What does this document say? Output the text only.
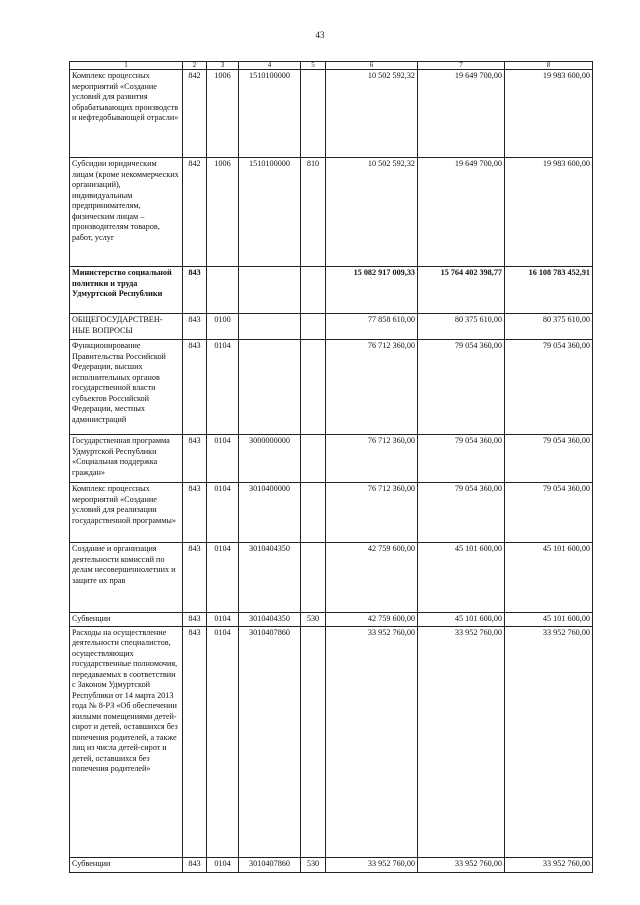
43
1	2	3	4	5	6	7	8
Комплекс процессных мероприятий «Создание условий для развития обрабатывающих производств и нефтедобывающей отрасли»	842	1006	1510100000		10 502 592,32	19 649 700,00	19 983 600,00
Субсидии юридическим лицам (кроме некоммерческих организаций), индивидуальным предпринимателям, физическим лицам – производителям товаров, работ, услуг	842	1006	1510100000	810	10 502 592,32	19 649 700,00	19 983 600,00
Министерство социальной политики и труда Удмуртской Республики	843				15 082 917 009,33	15 764 402 398,77	16 108 783 452,91
ОБЩЕГОСУДАРСТВЕН-НЫЕ ВОПРОСЫ	843	0100			77 858 610,00	80 375 610,00	80 375 610,00
Функционирование Правительства Российской Федерации, высших исполнительных органов государственной власти субъектов Российской Федерации, местных администраций	843	0104			76 712 360,00	79 054 360,00	79 054 360,00
Государственная программа Удмуртской Республики «Социальная поддержка граждан»	843	0104	3000000000		76 712 360,00	79 054 360,00	79 054 360,00
Комплекс процессных мероприятий «Создание условий для реализации государственной программы»	843	0104	3010400000		76 712 360,00	79 054 360,00	79 054 360,00
Создание и организация деятельности комиссий по делам несовершеннолетних и защите их прав	843	0104	3010404350		42 759 600,00	45 101 600,00	45 101 600,00
Субвенции	843	0104	3010404350	530	42 759 600,00	45 101 600,00	45 101 600,00
Расходы на осуществление деятельности специалистов, осуществляющих государственные полномочия, передаваемых в соответствии с Законом Удмуртской Республики от 14 марта 2013 года № 8-РЗ «Об обеспечении жилыми помещениями детей-сирот и детей, оставшихся без попечения родителей, а также лиц из числа детей-сирот и детей, оставшихся без попечения родителей»	843	0104	3010407860		33 952 760,00	33 952 760,00	33 952 760,00
Субвенции	843	0104	3010407860	530	33 952 760,00	33 952 760,00	33 952 760,00
